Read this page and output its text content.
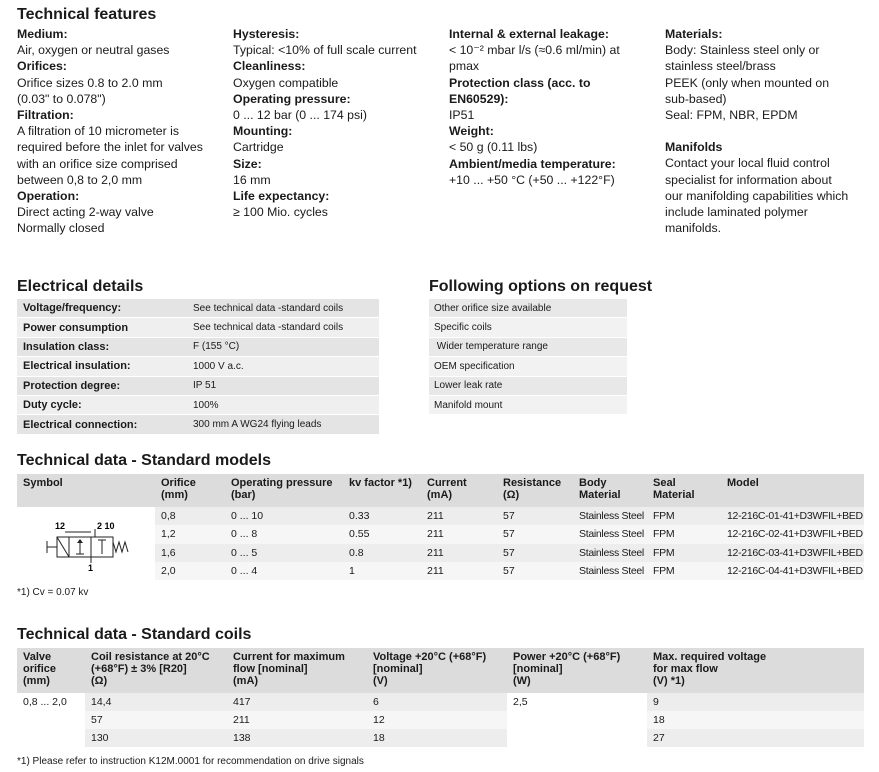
Technical features
Medium:
Air, oxygen or neutral gases
Orifices:
Orifice sizes 0.8 to 2.0 mm
(0.03" to 0.078")
Filtration:
A filtration of 10 micrometer is
required before the inlet for valves
with an orifice size comprised
between 0,8 to 2,0 mm
Operation:
Direct acting 2-way valve
Normally closed
Hysteresis:
Typical: <10% of full scale current
Cleanliness:
Oxygen compatible
Operating pressure:
0 ... 12 bar (0 ... 174 psi)
Mounting:
Cartridge
Size:
16 mm
Life expectancy:
≥ 100 Mio. cycles
Internal & external leakage:
< 10⁻² mbar l/s (≈0.6 ml/min) at
pmax
Protection class (acc. to
EN60529):
IP51
Weight:
< 50 g (0.11 lbs)
Ambient/media temperature:
+10 ... +50 °C (+50 ... +122°F)
Materials:
Body: Stainless steel only or
stainless steel/brass
PEEK (only when mounted on
sub-based)
Seal: FPM, NBR, EPDM
Manifolds
Contact your local fluid control
specialist for information about
our manifolding capabilities which
include laminated polymer
manifolds.
Electrical details
Voltage/frequency:	See technical data -standard coils
Power consumption	See technical data -standard coils
Insulation class:	F (155 °C)
Electrical insulation:	1000 V a.c.
Protection degree:	IP 51
Duty cycle:	100%
Electrical connection:	300 mm A WG24 flying leads
Following options on request
Other orifice size available
Specific coils
Wider temperature range
OEM specification
Lower leak rate
Manifold mount
Technical data - Standard models
Symbol	Orifice
(mm)	Operating pressure
(bar)	kv factor *1)	Current
(mA)	Resistance
(Ω)	Body
Material	Seal
Material	Model

12 2 10
1	0,8	0 ... 10	0.33	211	57	Stainless Steel	FPM	12-216C-01-41+D3WFIL+BED
	1,2	0 ... 8	0.55	211	57	Stainless Steel	FPM	12-216C-02-41+D3WFIL+BED
	1,6	0 ... 5	0.8	211	57	Stainless Steel	FPM	12-216C-03-41+D3WFIL+BED
	2,0	0 ... 4	1	211	57	Stainless Steel	FPM	12-216C-04-41+D3WFIL+BED
*1) Cv = 0.07 kv
Technical data - Standard coils
Valve
orifice
(mm)	Coil resistance at 20°C
(+68°F) ± 3% [R20]
(Ω)	Current for maximum
flow [nominal]
(mA)	Voltage +20°C (+68°F)
[nominal]
(V)	Power +20°C (+68°F)
[nominal]
(W)	Max. required voltage
for max flow
(V) *1)
0,8 ... 2,0	14,4	417	6	2,5	9
	57	211	12		18
	130	138	18		27
*1) Please refer to instruction K12M.0001 for recommendation on drive signals
